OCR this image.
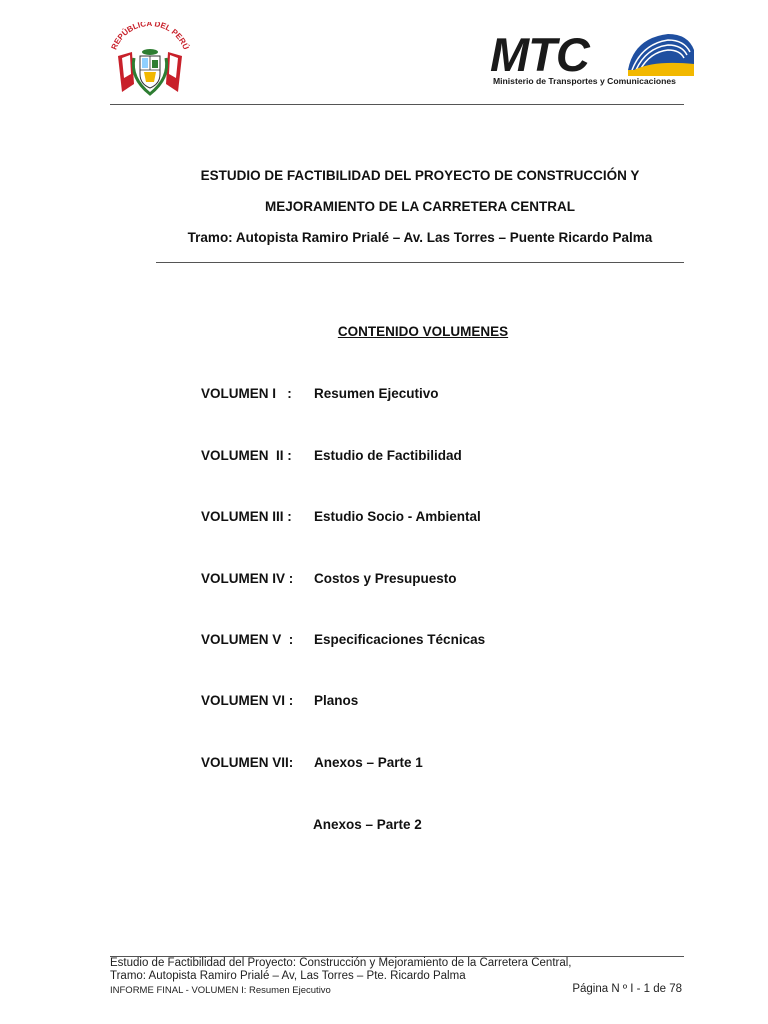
REPÚBLICA DEL PERÚ	MTC
Ministerio de Transportes y Comunicaciones
ESTUDIO DE FACTIBILIDAD DEL PROYECTO DE CONSTRUCCIÓN Y
MEJORAMIENTO DE LA CARRETERA CENTRAL
Tramo: Autopista Ramiro Prialé – Av. Las Torres – Puente Ricardo Palma
CONTENIDO VOLUMENES
VOLUMEN I   : Resumen Ejecutivo
VOLUMEN  II : Estudio de Factibilidad
VOLUMEN III : Estudio Socio - Ambiental
VOLUMEN IV : Costos y Presupuesto
VOLUMEN V  : Especificaciones Técnicas
VOLUMEN VI : Planos
VOLUMEN VII: Anexos – Parte 1
Anexos – Parte 2
Estudio de Factibilidad del Proyecto: Construcción y Mejoramiento de la Carretera Central,
Tramo: Autopista Ramiro Prialé – Av, Las Torres – Pte. Ricardo Palma
INFORME FINAL - VOLUMEN I: Resumen Ejecutivo	Página N º I - 1 de 78
